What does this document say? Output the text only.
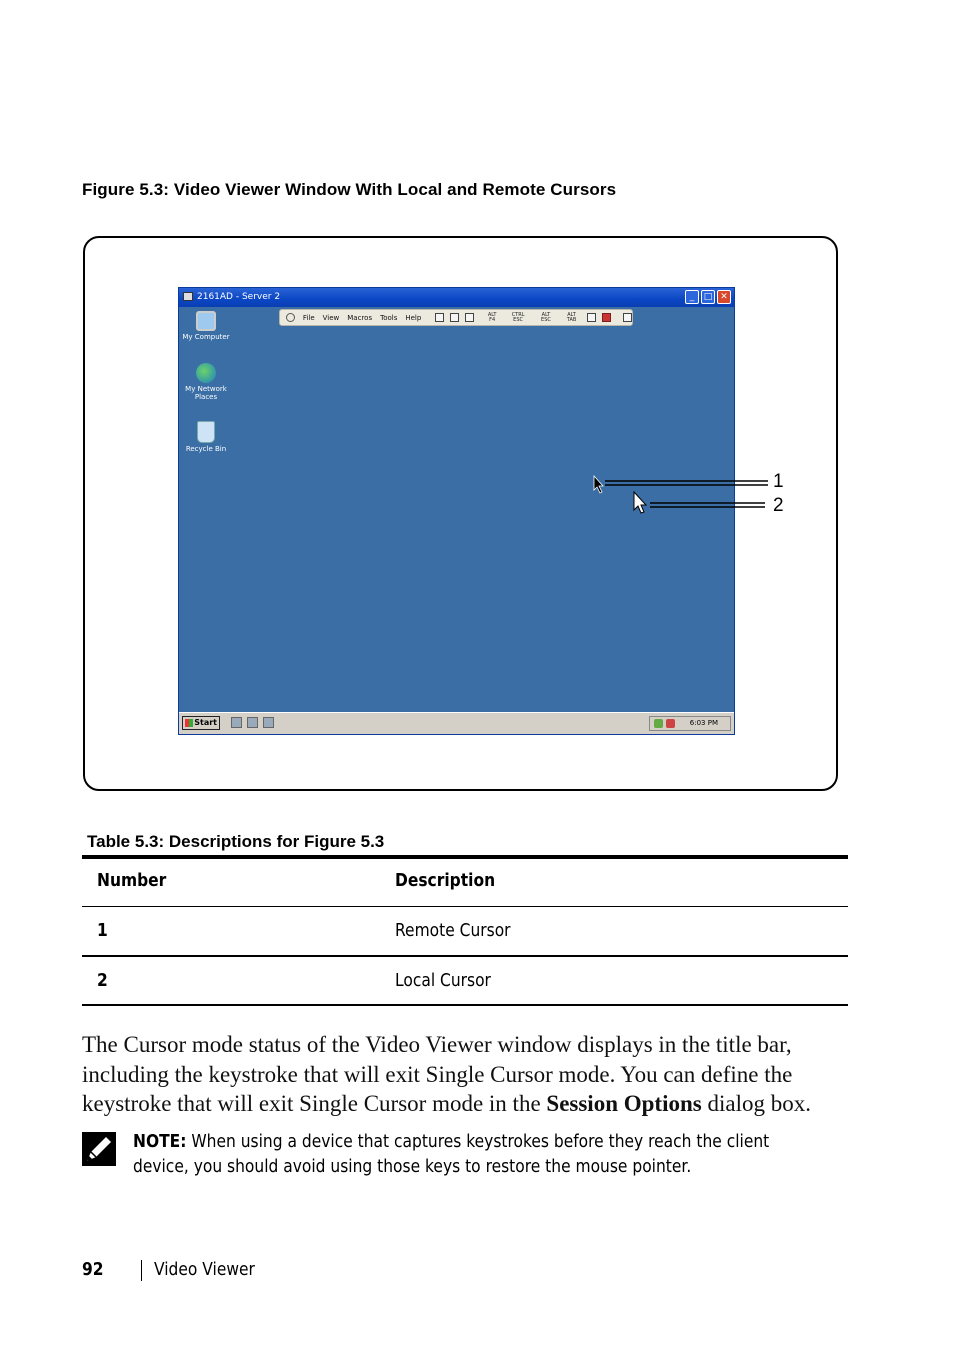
Figure 5.3: Video Viewer Window With Local and Remote Cursors
2161AD - Server 2	_	□ ✕
File View Macros Tools Help	ALT F4
CTRL ESC
ALT ESC
ALT TAB
My Computer
My Network Places
Recycle Bin
Start	6:03 PM
1
2
Table 5.3: Descriptions for Figure 5.3
Number	Description
1	Remote Cursor
2	Local Cursor
The Cursor mode status of the Video Viewer window displays in the title bar, including the keystroke that will exit Single Cursor mode. You can define the keystroke that will exit Single Cursor mode in the Session Options dialog box.
NOTE: When using a device that captures keystrokes before they reach the client
device, you should avoid using those keys to restore the mouse pointer.
92	Video Viewer
